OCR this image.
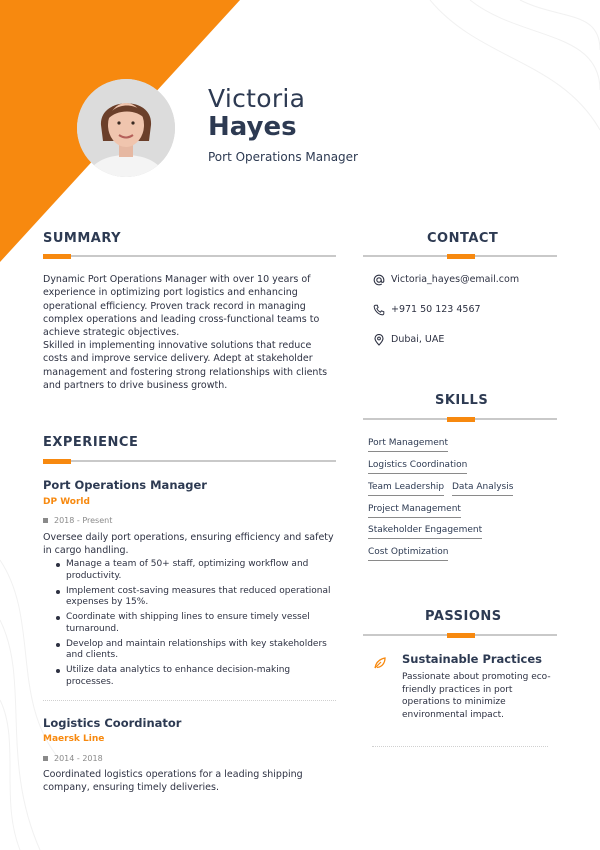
Victoria
Hayes
Port Operations Manager
SUMMARY
Dynamic Port Operations Manager with over 10 years of experience in optimizing port logistics and enhancing operational efficiency. Proven track record in managing complex operations and leading cross-functional teams to achieve strategic objectives.
Skilled in implementing innovative solutions that reduce costs and improve service delivery. Adept at stakeholder management and fostering strong relationships with clients and partners to drive business growth.
EXPERIENCE
Port Operations Manager
DP World
2018 - Present
Oversee daily port operations, ensuring efficiency and safety in cargo handling.
Manage a team of 50+ staff, optimizing workflow and productivity.
Implement cost-saving measures that reduced operational expenses by 15%.
Coordinate with shipping lines to ensure timely vessel turnaround.
Develop and maintain relationships with key stakeholders and clients.
Utilize data analytics to enhance decision-making processes.
Logistics Coordinator
Maersk Line
2014 - 2018
Coordinated logistics operations for a leading shipping company, ensuring timely deliveries.
CONTACT
Victoria_hayes@email.com
+971 50 123 4567
Dubai, UAE
SKILLS
Port Management
Logistics Coordination
Team Leadership Data Analysis
Project Management
Stakeholder Engagement
Cost Optimization
PASSIONS
Sustainable Practices
Passionate about promoting eco-friendly practices in port operations to minimize environmental impact.
